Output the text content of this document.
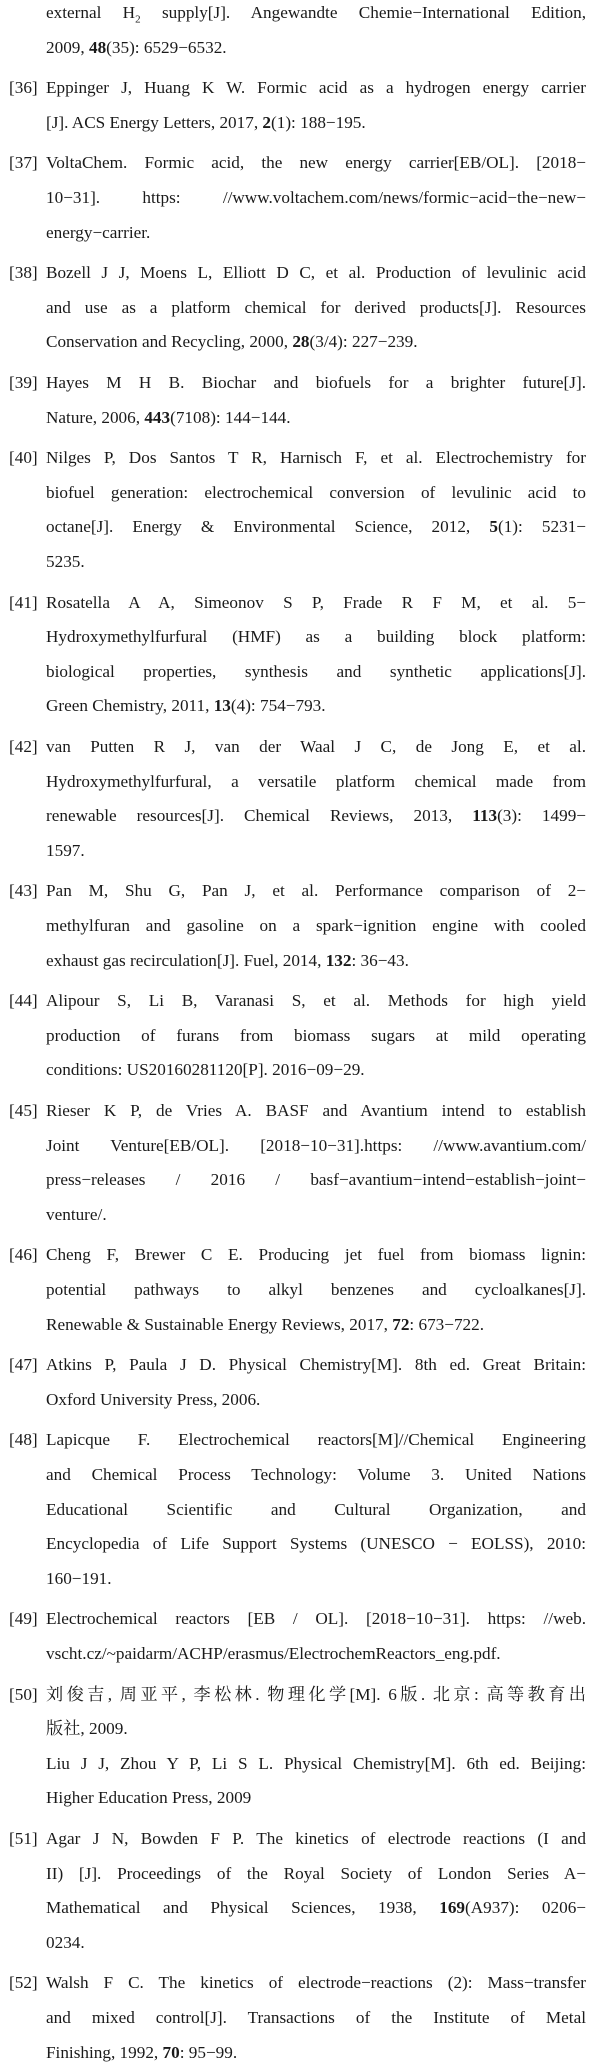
external $H_2$ supply[J]. Angewandte Chemie−International Edition,
2009, 48(35): 6529−6532.
[36] Eppinger J, Huang K W. Formic acid as a hydrogen energy carrier
[J]. ACS Energy Letters, 2017, 2(1): 188−195.
[37] VoltaChem. Formic acid, the new energy carrier[EB/OL]. [2018−
10−31]. https: //www.voltachem.com/news/formic−acid−the−new−
energy−carrier.
[38] Bozell J J, Moens L, Elliott D C, et al. Production of levulinic acid
and use as a platform chemical for derived products[J]. Resources
Conservation and Recycling, 2000, 28(3/4): 227−239.
[39] Hayes M H B. Biochar and biofuels for a brighter future[J].
Nature, 2006, 443(7108): 144−144.
[40] Nilges P, Dos Santos T R, Harnisch F, et al. Electrochemistry for
biofuel generation: electrochemical conversion of levulinic acid to
octane[J]. Energy & Environmental Science, 2012, 5(1): 5231−
5235.
[41] Rosatella A A, Simeonov S P, Frade R F M, et al. 5−
Hydroxymethylfurfural (HMF) as a building block platform:
biological properties, synthesis and synthetic applications[J].
Green Chemistry, 2011, 13(4): 754−793.
[42] van Putten R J, van der Waal J C, de Jong E, et al.
Hydroxymethylfurfural, a versatile platform chemical made from
renewable resources[J]. Chemical Reviews, 2013, 113(3): 1499−
1597.
[43] Pan M, Shu G, Pan J, et al. Performance comparison of 2−
methylfuran and gasoline on a spark−ignition engine with cooled
exhaust gas recirculation[J]. Fuel, 2014, 132: 36−43.
[44] Alipour S, Li B, Varanasi S, et al. Methods for high yield
production of furans from biomass sugars at mild operating
conditions: US20160281120[P]. 2016−09−29.
[45] Rieser K P, de Vries A. BASF and Avantium intend to establish
Joint Venture[EB/OL]. [2018−10−31].https: //www.avantium.com/
press−releases / 2016 / basf−avantium−intend−establish−joint−
venture/.
[46] Cheng F, Brewer C E. Producing jet fuel from biomass lignin:
potential pathways to alkyl benzenes and cycloalkanes[J].
Renewable & Sustainable Energy Reviews, 2017, 72: 673−722.
[47] Atkins P, Paula J D. Physical Chemistry[M]. 8th ed. Great Britain:
Oxford University Press, 2006.
[48] Lapicque F. Electrochemical reactors[M]//Chemical Engineering
and Chemical Process Technology: Volume 3. United Nations
Educational Scientific and Cultural Organization, and
Encyclopedia of Life Support Systems (UNESCO − EOLSS), 2010:
160−191.
[49] Electrochemical reactors [EB / OL]. [2018−10−31]. https: //web.
vscht.cz/~paidarm/ACHP/erasmus/ElectrochemReactors_eng.pdf.
[50] 刘俊吉, 周亚平, 李松林. 物理化学[M]. 6版. 北京: 高等教育出
版社, 2009.
Liu J J, Zhou Y P, Li S L. Physical Chemistry[M]. 6th ed. Beijing:
Higher Education Press, 2009
[51] Agar J N, Bowden F P. The kinetics of electrode reactions (I and
II) [J]. Proceedings of the Royal Society of London Series A−
Mathematical and Physical Sciences, 1938, 169(A937): 0206−
0234.
[52] Walsh F C. The kinetics of electrode−reactions (2): Mass−transfer
and mixed control[J]. Transactions of the Institute of Metal
Finishing, 1992, 70: 95−99.
